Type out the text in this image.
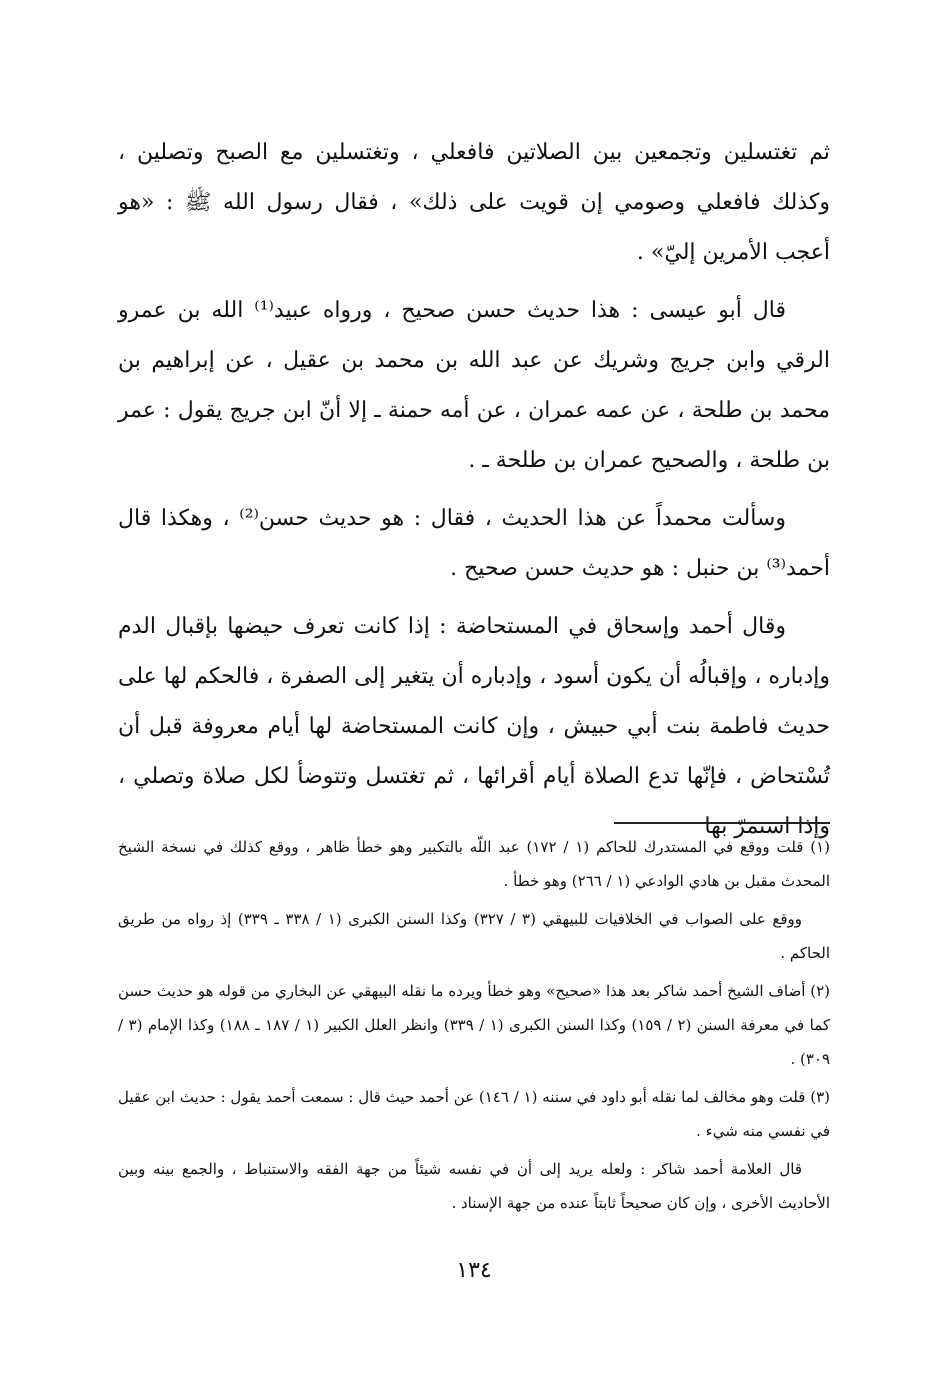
ثم تغتسلين وتجمعين بين الصلاتين فافعلي ، وتغتسلين مع الصبح وتصلين ، وكذلك فافعلي وصومي إن قويت على ذلك» ، فقال رسول الله ﷺ : «هو أعجب الأمرين إليّ» .

قال أبو عيسى : هذا حديث حسن صحيح ، ورواه عبيد⁽¹⁾ الله بن عمرو الرقي وابن جريج وشريك عن عبد الله بن محمد بن عقيل ، عن إبراهيم بن محمد بن طلحة ، عن عمه عمران ، عن أمه حمنة ـ إلا أنّ ابن جريج يقول : عمر بن طلحة ، والصحيح عمران بن طلحة ـ .

وسألت محمداً عن هذا الحديث ، فقال : هو حديث حسن⁽²⁾ ، وهكذا قال أحمد⁽³⁾ بن حنبل : هو حديث حسن صحيح .

وقال أحمد وإسحاق في المستحاضة : إذا كانت تعرف حيضها بإقبال الدم وإدباره ، وإقبالُه أن يكون أسود ، وإدباره أن يتغير إلى الصفرة ، فالحكم لها على حديث فاطمة بنت أبي حبيش ، وإن كانت المستحاضة لها أيام معروفة قبل أن تُسْتحاض ، فإنّها تدع الصلاة أيام أقرائها ، ثم تغتسل وتتوضأ لكل صلاة وتصلي ، وإذا استمرّ بها

(١) قلت ووقع في المستدرك للحاكم (١ / ١٧٢) عبد اللّه بالتكبير وهو خطأ ظاهر ، ووقع كذلك في نسخة الشيخ المحدث مقبل بن هادي الوادعي (١ / ٢٦٦) وهو خطأ .

ووقع على الصواب في الخلافيات للبيهقي (٣ / ٣٢٧) وكذا السنن الكبرى (١ / ٣٣٨ ـ ٣٣٩) إذ رواه من طريق الحاكم .

(٢) أضاف الشيخ أحمد شاكر بعد هذا «صحيح» وهو خطأ ويرده ما نقله البيهقي عن البخاري من قوله هو حديث حسن كما في معرفة السنن (٢ / ١٥٩) وكذا السنن الكبرى (١ / ٣٣٩) وانظر العلل الكبير (١ / ١٨٧ ـ ١٨٨) وكذا الإمام (٣ / ٣٠٩) .

(٣) قلت وهو مخالف لما نقله أبو داود في سننه (١ / ١٤٦) عن أحمد حيث قال : سمعت أحمد يقول : حديث ابن عقيل في نفسي منه شيء .

قال العلامة أحمد شاكر : ولعله يريد إلى أن في نفسه شيئاً من جهة الفقه والاستنباط ، والجمع بينه وبين الأحاديث الأخرى ، وإن كان صحيحاً ثابتاً عنده من جهة الإسناد .

١٣٤
